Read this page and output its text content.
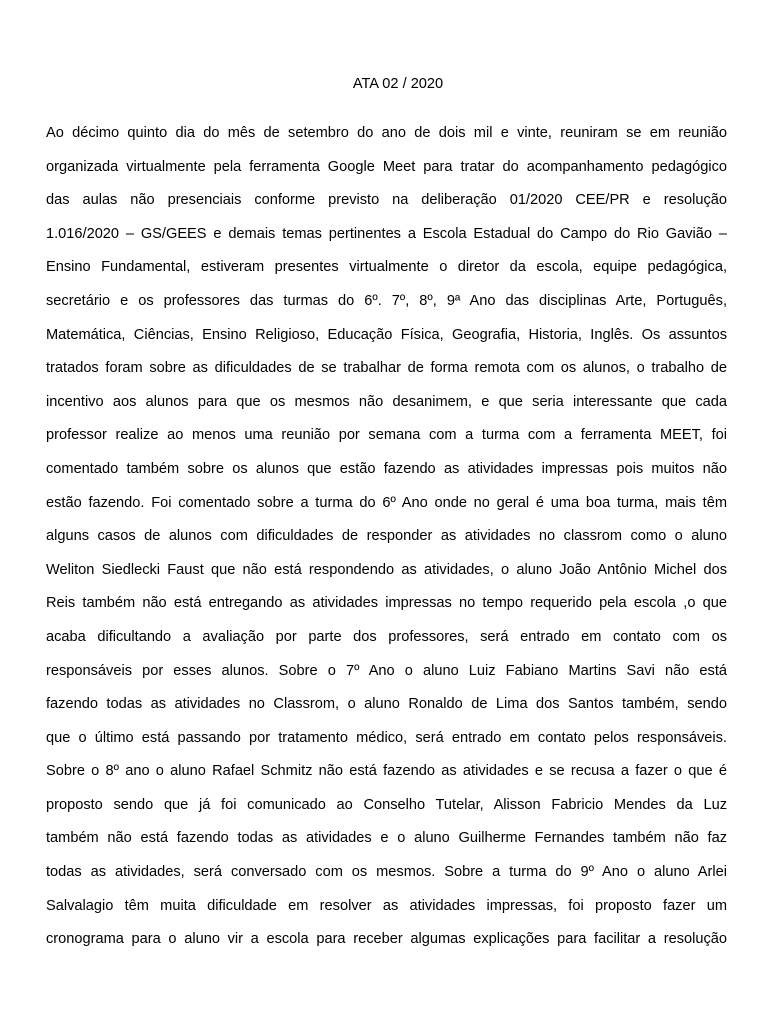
ATA 02 / 2020
Ao décimo quinto dia do mês de setembro do ano de dois mil e vinte, reuniram se em reunião
organizada virtualmente pela ferramenta Google Meet para tratar do acompanhamento pedagógico
das aulas não presenciais conforme previsto na deliberação 01/2020 CEE/PR e resolução
1.016/2020 – GS/GEES e demais temas pertinentes a Escola Estadual do Campo do Rio Gavião –
Ensino Fundamental, estiveram presentes virtualmente o diretor da escola, equipe pedagógica,
secretário e os professores das turmas do 6º. 7º, 8º, 9ª Ano das disciplinas Arte, Português,
Matemática, Ciências, Ensino Religioso, Educação Física, Geografia, Historia, Inglês. Os assuntos
tratados foram sobre as dificuldades de se trabalhar de forma remota com os alunos, o trabalho de
incentivo aos alunos para que os mesmos não desanimem, e que seria interessante que cada
professor realize ao menos uma reunião por semana com a turma com a ferramenta MEET, foi
comentado também sobre os alunos que estão fazendo as atividades impressas pois muitos não
estão fazendo. Foi comentado sobre a turma do 6º Ano onde no geral é uma boa turma, mais têm
alguns casos de alunos com dificuldades de responder as atividades no classrom como o aluno
Weliton Siedlecki Faust que não está respondendo as atividades, o aluno João Antônio Michel dos
Reis também não está entregando as atividades impressas no tempo requerido pela escola ,o que
acaba dificultando a avaliação por parte dos professores, será entrado em contato com os
responsáveis por esses alunos. Sobre o 7º Ano o aluno Luiz Fabiano Martins Savi não está
fazendo todas as atividades no Classrom, o aluno Ronaldo de Lima dos Santos também, sendo
que o último está passando por tratamento médico, será entrado em contato pelos responsáveis.
Sobre o 8º ano o aluno Rafael Schmitz não está fazendo as atividades e se recusa a fazer o que é
proposto sendo que já foi comunicado ao Conselho Tutelar, Alisson Fabricio Mendes da Luz
também não está fazendo todas as atividades e o aluno Guilherme Fernandes também não faz
todas as atividades, será conversado com os mesmos. Sobre a turma do 9º Ano o aluno Arlei
Salvalagio têm muita dificuldade em resolver as atividades impressas, foi proposto fazer um
cronograma para o aluno vir a escola para receber algumas explicações para facilitar a resolução
